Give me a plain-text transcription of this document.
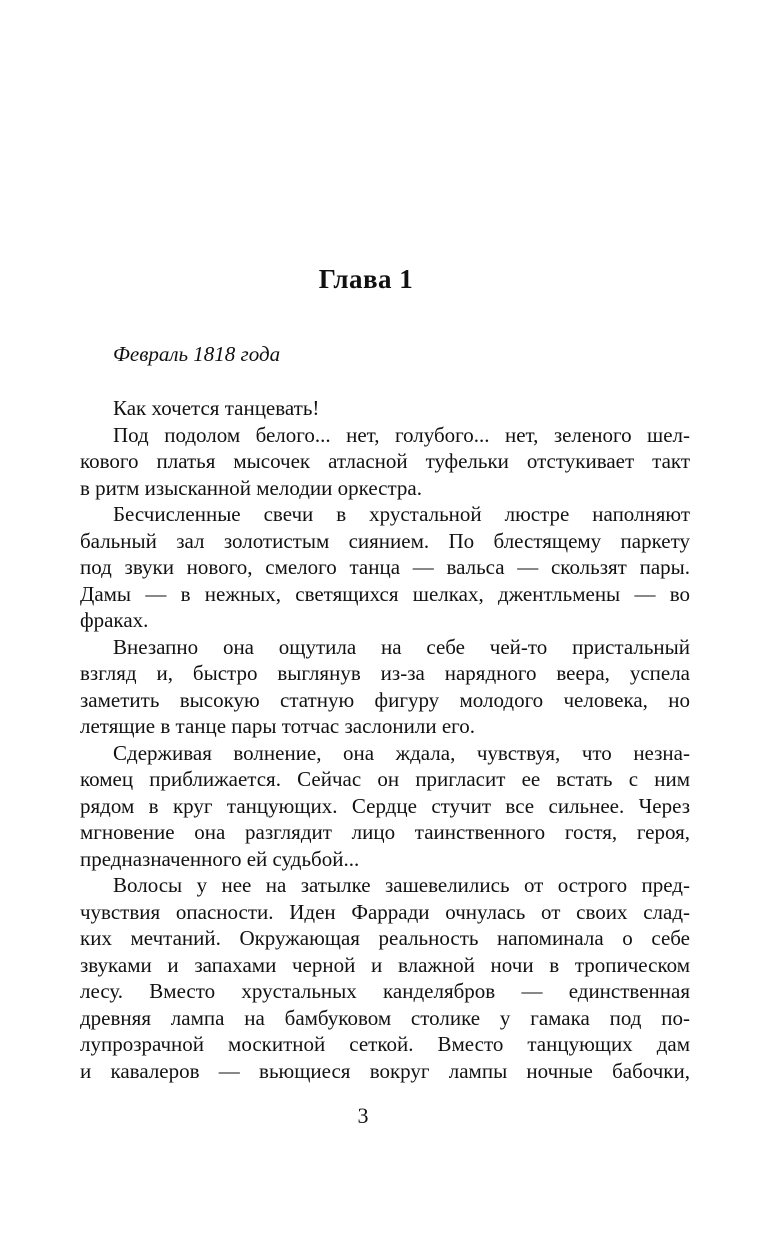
Глава 1
Февраль 1818 года
Как хочется танцевать!
Под подолом белого... нет, голубого... нет, зеленого шел-
кового платья мысочек атласной туфельки отстукивает такт
в ритм изысканной мелодии оркестра.
Бесчисленные свечи в хрустальной люстре наполняют
бальный зал золотистым сиянием. По блестящему паркету
под звуки нового, смелого танца — вальса — скользят пары.
Дамы — в нежных, светящихся шелках, джентльмены — во
фраках.
Внезапно она ощутила на себе чей-то пристальный
взгляд и, быстро выглянув из-за нарядного веера, успела
заметить высокую статную фигуру молодого человека, но
летящие в танце пары тотчас заслонили его.
Сдерживая волнение, она ждала, чувствуя, что незна-
комец приближается. Сейчас он пригласит ее встать с ним
рядом в круг танцующих. Сердце стучит все сильнее. Через
мгновение она разглядит лицо таинственного гостя, героя,
предназначенного ей судьбой...
Волосы у нее на затылке зашевелились от острого пред-
чувствия опасности. Иден Фарради очнулась от своих слад-
ких мечтаний. Окружающая реальность напоминала о себе
звуками и запахами черной и влажной ночи в тропическом
лесу. Вместо хрустальных канделябров — единственная
древняя лампа на бамбуковом столике у гамака под по-
лупрозрачной москитной сеткой. Вместо танцующих дам
и кавалеров — вьющиеся вокруг лампы ночные бабочки,
3
